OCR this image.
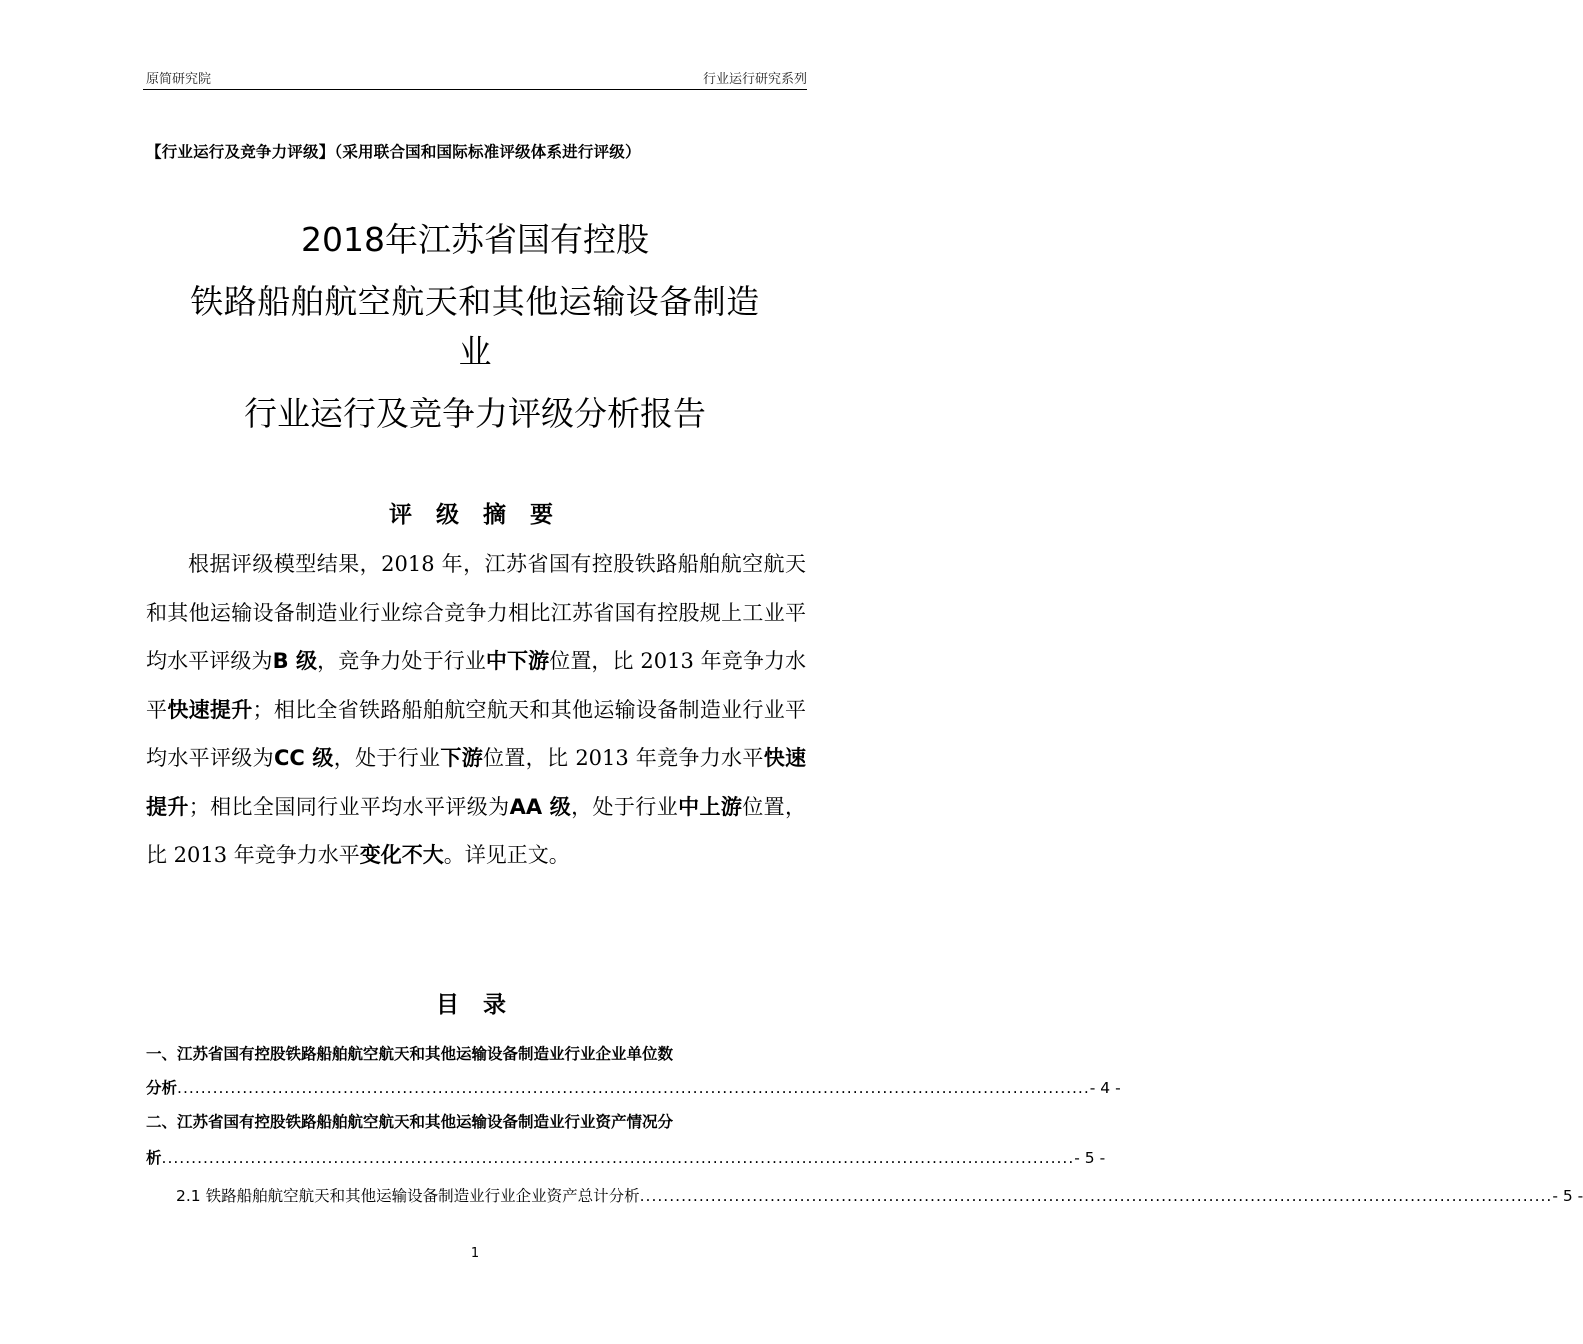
原简研究院	行业运行研究系列
【行业运行及竞争力评级】（采用联合国和国际标准评级体系进行评级）
2018年江苏省国有控股
铁路船舶航空航天和其他运输设备制造
业
行业运行及竞争力评级分析报告
评 级 摘 要

根据评级模型结果，2018 年，江苏省国有控股铁路船舶航空航天和其他运输设备制造业行业综合竞争力相比江苏省国有控股规上工业平均水平评级为B 级，竞争力处于行业中下游位置，比 2013 年竞争力水平快速提升；相比全省铁路船舶航空航天和其他运输设备制造业行业平均水平评级为CC 级，处于行业下游位置，比 2013 年竞争力水平快速提升；相比全国同行业平均水平评级为AA 级，处于行业中上游位置，比 2013 年竞争力水平变化不大。详见正文。

目 录
一、江苏省国有控股铁路船舶航空航天和其他运输设备制造业行业企业单位数
分析 .......................................................................................................................................................... - 4 -
二、江苏省国有控股铁路船舶航空航天和其他运输设备制造业行业资产情况分
析 .......................................................................................................................................................... - 5 -
2.1 铁路船舶航空航天和其他运输设备制造业行业企业资产总计分析 .......................................................................................................................................................... - 5 -
1
